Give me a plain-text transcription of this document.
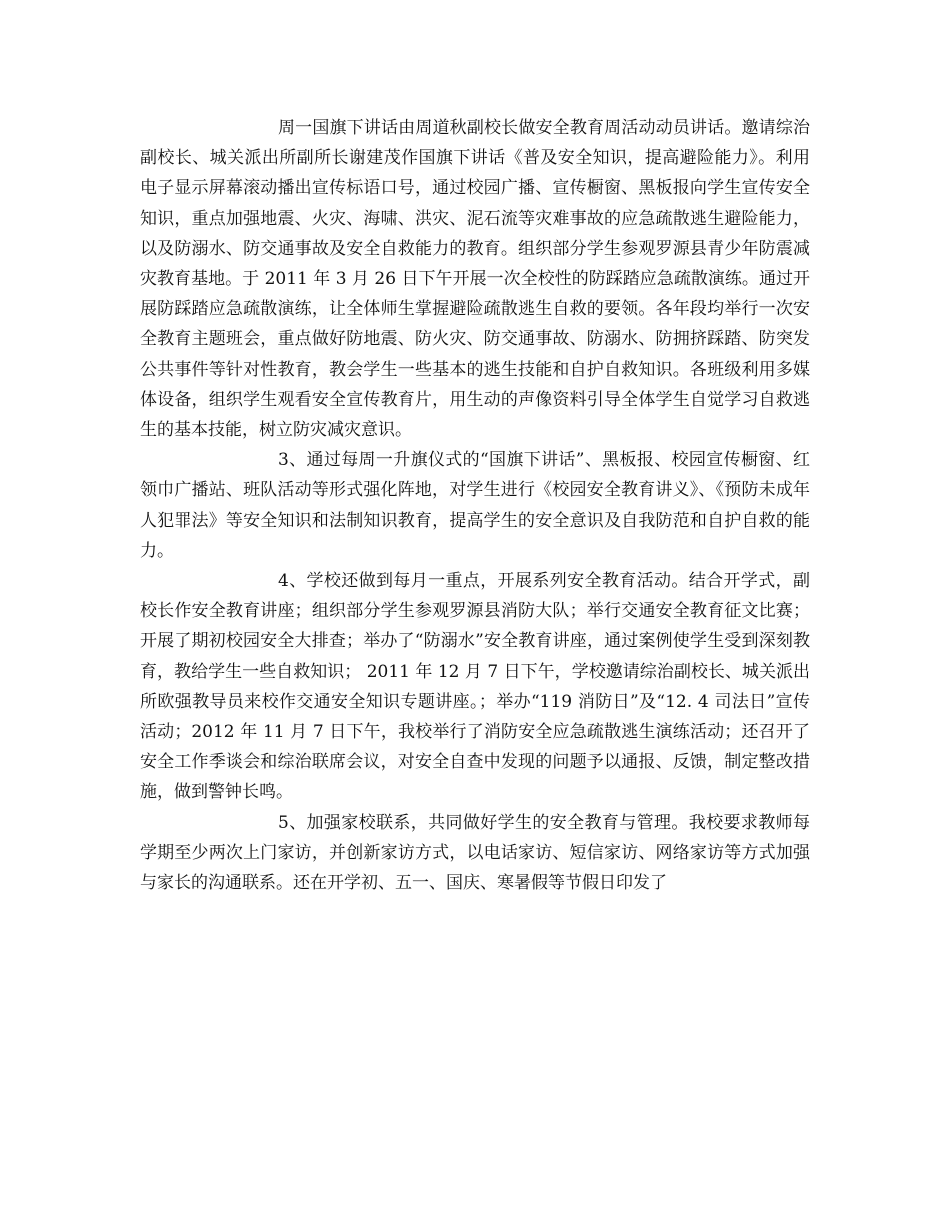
周一国旗下讲话由周道秋副校长做安全教育周活动动员讲话。邀请综治副校长、城关派出所副所长谢建茂作国旗下讲话《普及安全知识，提高避险能力》。利用电子显示屏幕滚动播出宣传标语口号，通过校园广播、宣传橱窗、黑板报向学生宣传安全知识，重点加强地震、火灾、海啸、洪灾、泥石流等灾难事故的应急疏散逃生避险能力，以及防溺水、防交通事故及安全自救能力的教育。组织部分学生参观罗源县青少年防震减灾教育基地。于 2011 年 3 月 26 日下午开展一次全校性的防踩踏应急疏散演练。通过开展防踩踏应急疏散演练，让全体师生掌握避险疏散逃生自救的要领。各年段均举行一次安全教育主题班会，重点做好防地震、防火灾、防交通事故、防溺水、防拥挤踩踏、防突发公共事件等针对性教育，教会学生一些基本的逃生技能和自护自救知识。各班级利用多媒体设备，组织学生观看安全宣传教育片，用生动的声像资料引导全体学生自觉学习自救逃生的基本技能，树立防灾减灾意识。

3、通过每周一升旗仪式的“国旗下讲话”、黑板报、校园宣传橱窗、红领巾广播站、班队活动等形式强化阵地，对学生进行《校园安全教育讲义》、《预防未成年人犯罪法》等安全知识和法制知识教育，提高学生的安全意识及自我防范和自护自救的能力。

4、学校还做到每月一重点，开展系列安全教育活动。结合开学式，副校长作安全教育讲座；组织部分学生参观罗源县消防大队；举行交通安全教育征文比赛；开展了期初校园安全大排查；举办了“防溺水”安全教育讲座，通过案例使学生受到深刻教育，教给学生一些自救知识； 2011 年 12 月 7 日下午，学校邀请综治副校长、城关派出所欧强教导员来校作交通安全知识专题讲座。；举办“119 消防日”及“12. 4 司法日”宣传活动；2012 年 11 月 7 日下午，我校举行了消防安全应急疏散逃生演练活动；还召开了安全工作季谈会和综治联席会议，对安全自查中发现的问题予以通报、反馈，制定整改措施，做到警钟长鸣。

5、加强家校联系，共同做好学生的安全教育与管理。我校要求教师每学期至少两次上门家访，并创新家访方式，以电话家访、短信家访、网络家访等方式加强与家长的沟通联系。还在开学初、五一、国庆、寒暑假等节假日印发了
